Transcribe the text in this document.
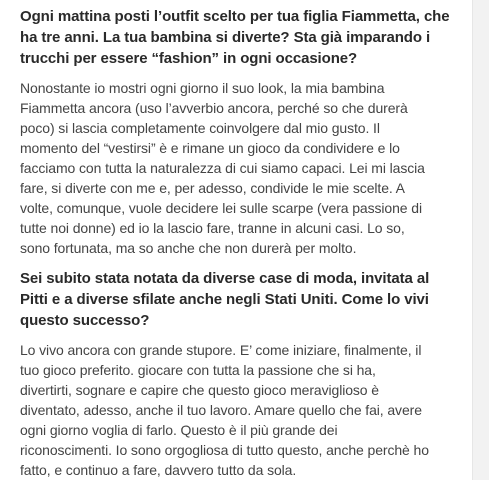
Ogni mattina posti l’outfit scelto per tua figlia Fiammetta, che
ha tre anni. La tua bambina si diverte? Sta già imparando i
trucchi per essere “fashion” in ogni occasione?

Nonostante io mostri ogni giorno il suo look, la mia bambina
Fiammetta ancora (uso l’avverbio ancora, perché so che durerà
poco) si lascia completamente coinvolgere dal mio gusto. Il
momento del “vestirsi” è e rimane un gioco da condividere e lo
facciamo con tutta la naturalezza di cui siamo capaci. Lei mi lascia
fare, si diverte con me e, per adesso, condivide le mie scelte. A
volte, comunque, vuole decidere lei sulle scarpe (vera passione di
tutte noi donne) ed io la lascio fare, tranne in alcuni casi. Lo so,
sono fortunata, ma so anche che non durerà per molto.

Sei subito stata notata da diverse case di moda, invitata al
Pitti e a diverse sfilate anche negli Stati Uniti. Come lo vivi
questo successo?

Lo vivo ancora con grande stupore. E’ come iniziare, finalmente, il
tuo gioco preferito. giocare con tutta la passione che si ha,
divertirti, sognare e capire che questo gioco meraviglioso è
diventato, adesso, anche il tuo lavoro. Amare quello che fai, avere
ogni giorno voglia di farlo. Questo è il più grande dei
riconoscimenti. Io sono orgogliosa di tutto questo, anche perchè ho
fatto, e continuo a fare, davvero tutto da sola.
